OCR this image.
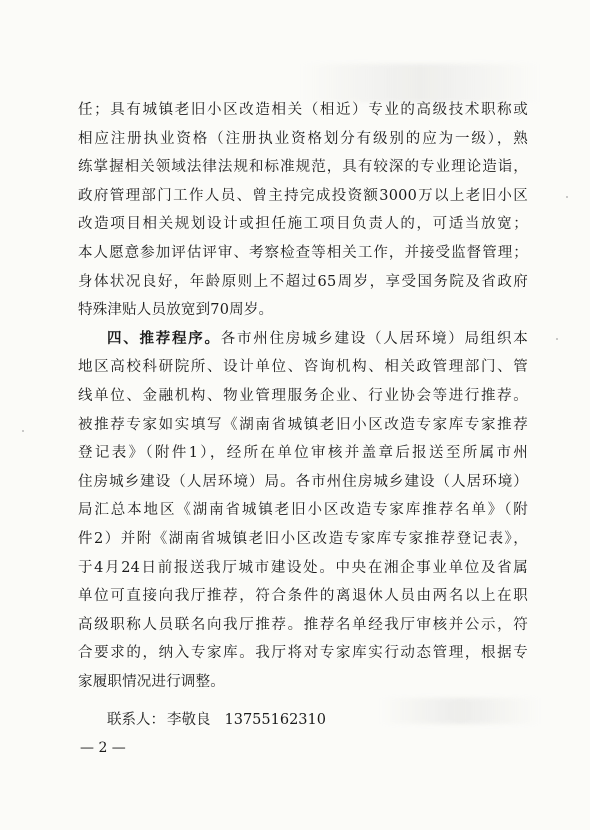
任；具有城镇老旧小区改造相关（相近）专业的高级技术职称或
相应注册执业资格（注册执业资格划分有级别的应为一级），熟
练掌握相关领域法律法规和标准规范，具有较深的专业理论造诣，
政府管理部门工作人员、曾主持完成投资额3000万以上老旧小区
改造项目相关规划设计或担任施工项目负责人的，可适当放宽；
本人愿意参加评估评审、考察检查等相关工作，并接受监督管理；
身体状况良好，年龄原则上不超过65周岁，享受国务院及省政府
特殊津贴人员放宽到70周岁。
四、推荐程序。各市州住房城乡建设（人居环境）局组织本
地区高校科研院所、设计单位、咨询机构、相关政管理部门、管
线单位、金融机构、物业管理服务企业、行业协会等进行推荐。
被推荐专家如实填写《湖南省城镇老旧小区改造专家库专家推荐
登记表》（附件1），经所在单位审核并盖章后报送至所属市州
住房城乡建设（人居环境）局。各市州住房城乡建设（人居环境）
局汇总本地区《湖南省城镇老旧小区改造专家库推荐名单》（附
件2）并附《湖南省城镇老旧小区改造专家库专家推荐登记表》，
于4月24日前报送我厅城市建设处。中央在湘企事业单位及省属
单位可直接向我厅推荐，符合条件的离退休人员由两名以上在职
高级职称人员联名向我厅推荐。推荐名单经我厅审核并公示，符
合要求的，纳入专家库。我厅将对专家库实行动态管理，根据专
家履职情况进行调整。
联系人： 李敬良 13755162310
— 2 —
